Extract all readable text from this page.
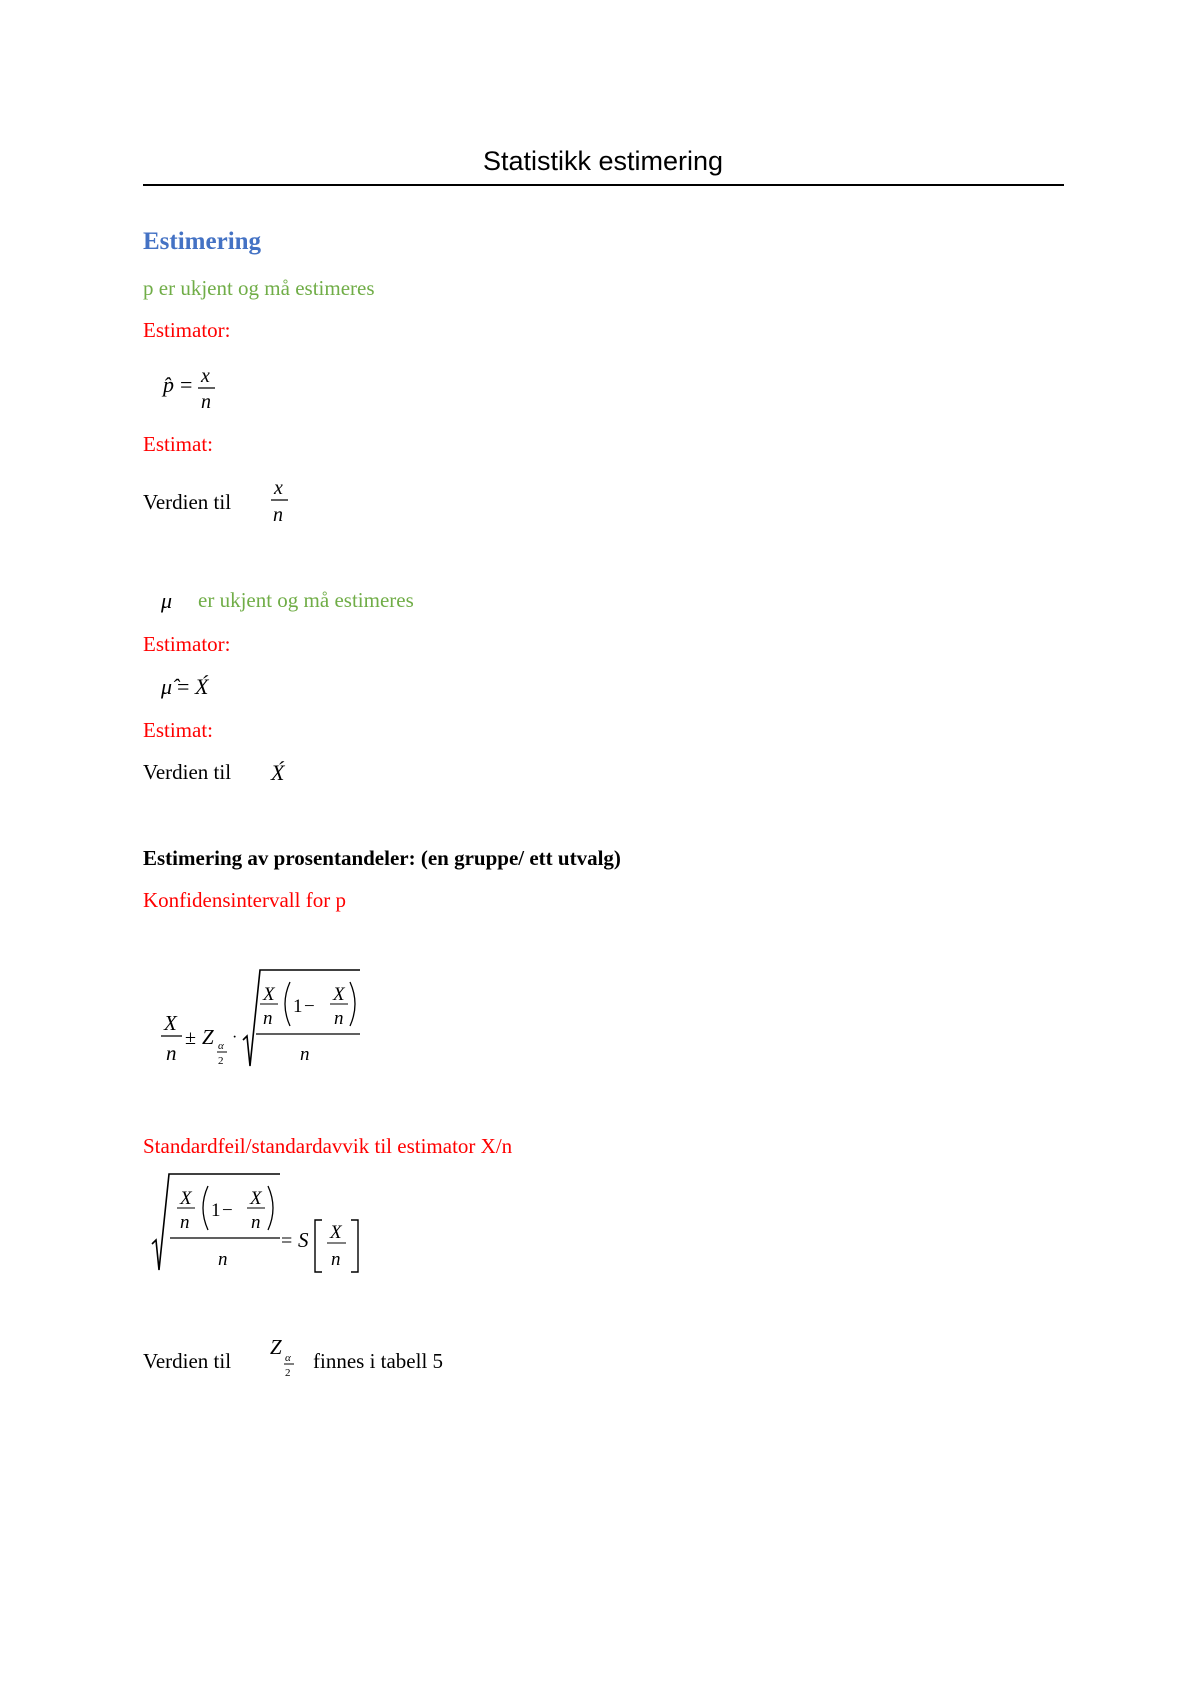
Statistikk estimering
Estimering
p er ukjent og må estimeres
Estimator:
p̂ = x
n
Estimat:
Verdien til
x
n
μ er ukjent og må estimeres
Estimator:
μ̂ = X́
Estimat:
Verdien til X́
Estimering av prosentandeler: (en gruppe/ ett utvalg)
Konfidensintervall for p
X
n
± Z α
2
·
X
n
1 −
X
n
n
Standardfeil/standardavvik til estimator X/n
X
n
1 −
X
n
n
= S X
n
Verdien til
Z α
2 finnes i tabell 5
